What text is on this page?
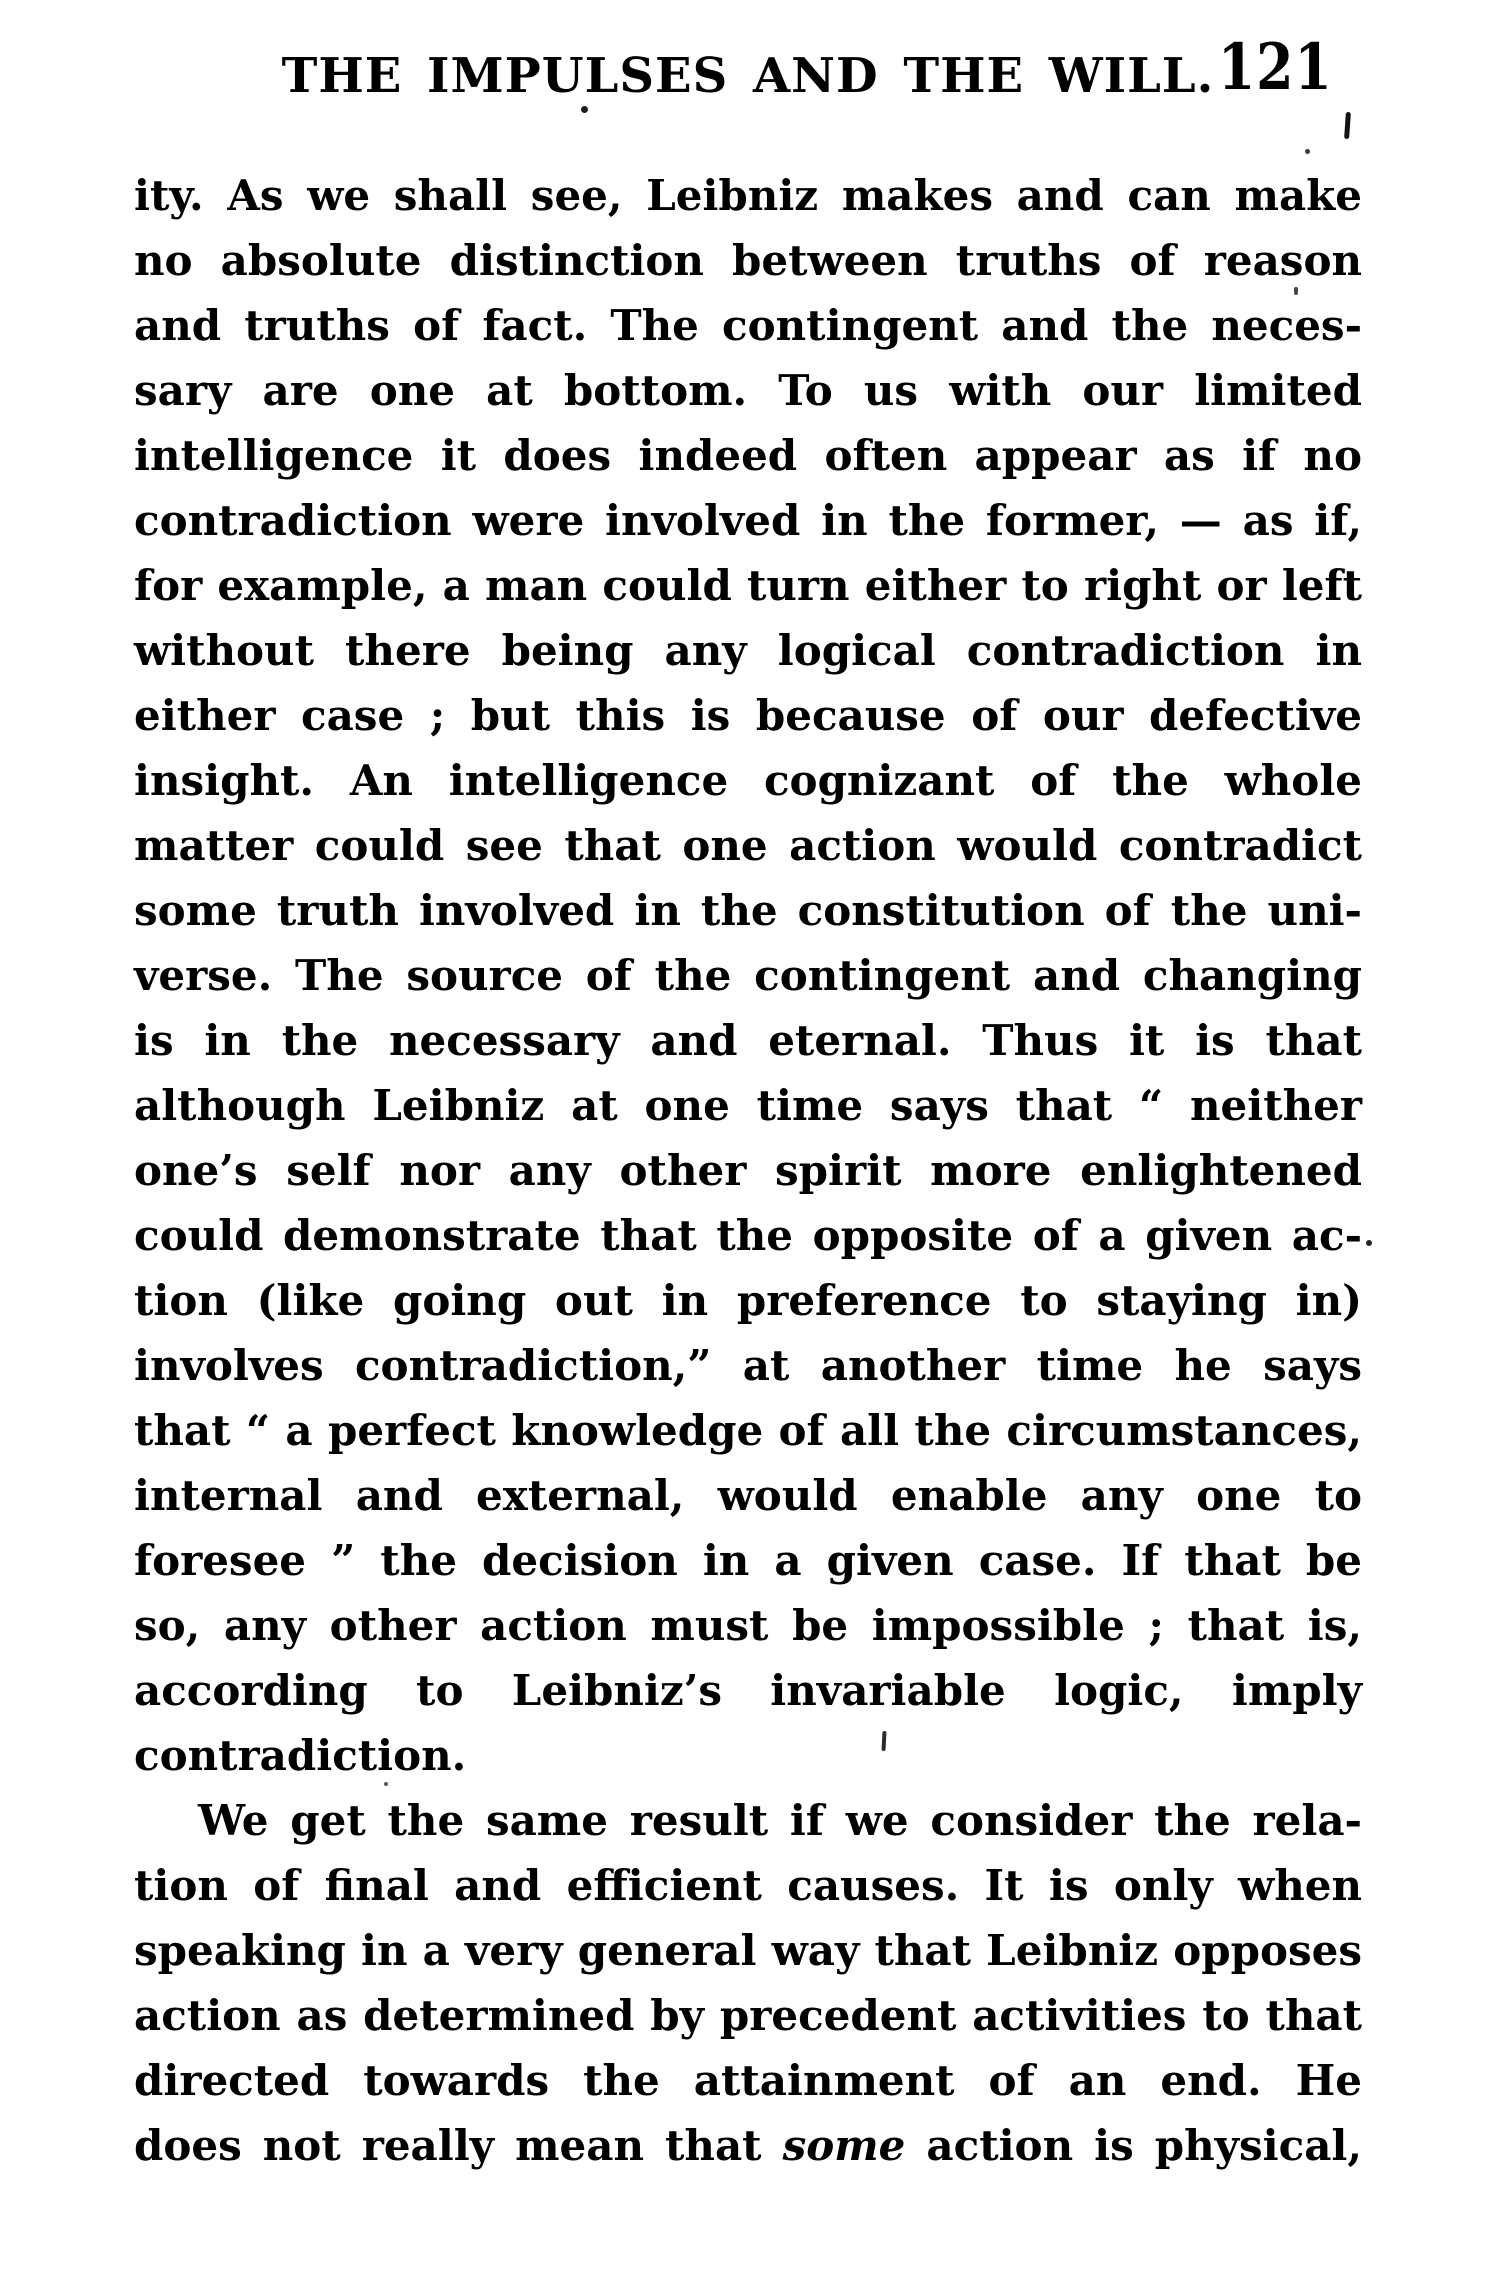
THE IMPULSES AND THE WILL. 121
ity. As we shall see, Leibniz makes and can make
no absolute distinction between truths of reason
and truths of fact. The contingent and the neces-
sary are one at bottom. To us with our limited
intelligence it does indeed often appear as if no
contradiction were involved in the former, — as if,
for example, a man could turn either to right or left
without there being any logical contradiction in
either case ; but this is because of our defective
insight. An intelligence cognizant of the whole
matter could see that one action would contradict
some truth involved in the constitution of the uni-
verse. The source of the contingent and changing
is in the necessary and eternal. Thus it is that
although Leibniz at one time says that “ neither
one’s self nor any other spirit more enlightened
could demonstrate that the opposite of a given ac-
tion (like going out in preference to staying in)
involves contradiction,” at another time he says
that “ a perfect knowledge of all the circumstances,
internal and external, would enable any one to
foresee ” the decision in a given case. If that be
so, any other action must be impossible ; that is,
according to Leibniz’s invariable logic, imply
contradiction.
We get the same result if we consider the rela-
tion of final and efficient causes. It is only when
speaking in a very general way that Leibniz opposes
action as determined by precedent activities to that
directed towards the attainment of an end. He
does not really mean that some action is physical,
